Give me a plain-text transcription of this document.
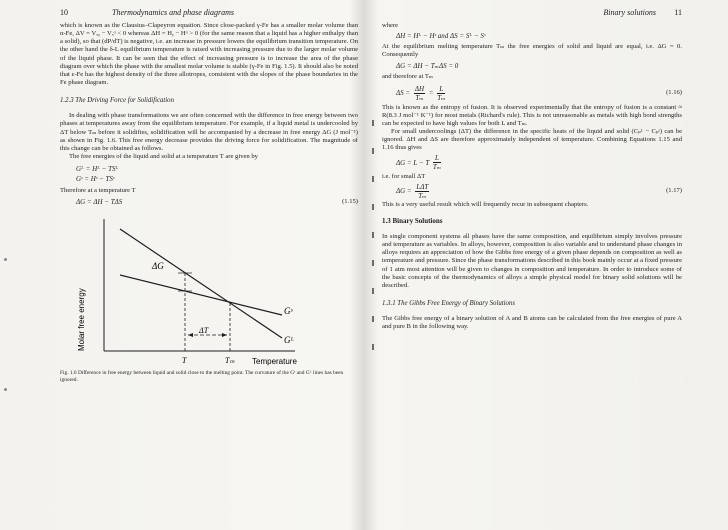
10	Thermodynamics and phase diagrams

which is known as the Clausius–Clapeyron equation. Since close-packed γ-Fe has a smaller molar volume than α-Fe, ΔV = Vₓᵧ − Vₓᵅ < 0 whereas ΔH = Hᵧ − Hᵅ > 0 (for the same reason that a liquid has a higher enthalpy than a solid), so that (dP/dT) is negative, i.e. an increase in pressure lowers the equilibrium transition temperature. On the other hand the δ-L equilibrium temperature is raised with increasing pressure due to the larger molar volume of the liquid phase. It can be seen that the effect of increasing pressure is to increase the area of the phase diagram over which the phase with the smallest molar volume is stable (γ-Fe in Fig. 1.5). It should also be noted that ε-Fe has the highest density of the three allotropes, consistent with the slopes of the phase boundaries in the Fe phase diagram.

1.2.3 The Driving Force for Solidification

In dealing with phase transformations we are often concerned with the difference in free energy between two phases at temperatures away from the equilibrium temperature. For example, if a liquid metal is undercooled by ΔT below Tₘ before it solidifies, solidification will be accompanied by a decrease in free energy ΔG (J mol⁻¹) as shown in Fig. 1.6. This free energy decrease provides the driving force for solidification. The magnitude of this change can be obtained as follows.

The free energies of the liquid and solid at a temperature T are given by

Gᴸ = Hᴸ − TSᴸ
Gˢ = Hˢ − TSˢ

Therefore at a temperature T

ΔG = ΔH − TΔS	(1.15)
Molar free energy
ΔG
Gˢ
Gᴸ
ΔT
T	Tₘ Temperature
Fig. 1.6 Difference in free energy between liquid and solid close to the melting point. The curvature of the Gˢ and Gᴸ lines has been ignored.
Binary solutions 11

where

ΔH = Hᴸ − Hˢ and ΔS = Sᴸ − Sˢ

At the equilibrium melting temperature Tₘ the free energies of solid and liquid are equal, i.e. ΔG = 0. Consequently

ΔG = ΔH − TₘΔS = 0

and therefore at Tₘ

$\Delta S = \frac{\Delta H}{\text{Tₘ}} = \frac{L}{\text{Tₘ}}$	(1.16)

This is known as the entropy of fusion. It is observed experimentally that the entropy of fusion is a constant ≈ R(8.3 J mol⁻¹ K⁻¹) for most metals (Richard's rule). This is not unreasonable as metals with high bond strengths can be expected to have high values for both L and Tₘ.

For small undercoolings (ΔT) the difference in the specific heats of the liquid and solid (Cₚᴸ − Cₚˢ) can be ignored. ΔH and ΔS are therefore approximately independent of temperature. Combining Equations 1.15 and 1.16 thus gives

ΔG = L − T $\frac{L}{\text{Tₘ}}$

i.e. for small ΔT

$\Delta G = \frac{\text{LΔT}}{\text{Tₘ}}$	(1.17)

This is a very useful result which will frequently recur in subsequent chapters.

1.3 Binary Solutions

In single component systems all phases have the same composition, and equilibrium simply involves pressure and temperature as variables. In alloys, however, composition is also variable and to understand phase changes in alloys requires an appreciation of how the Gibbs free energy of a given phase depends on composition as well as temperature and pressure. Since the phase transformations described in this book mainly occur at a fixed pressure of 1 atm most attention will be given to changes in composition and temperature. In order to introduce some of the basic concepts of the thermodynamics of alloys a simple physical model for binary solid solutions will be described.

1.3.1 The Gibbs Free Energy of Binary Solutions

The Gibbs free energy of a binary solution of A and B atoms can be calculated from the free energies of pure A and pure B in the following way.
